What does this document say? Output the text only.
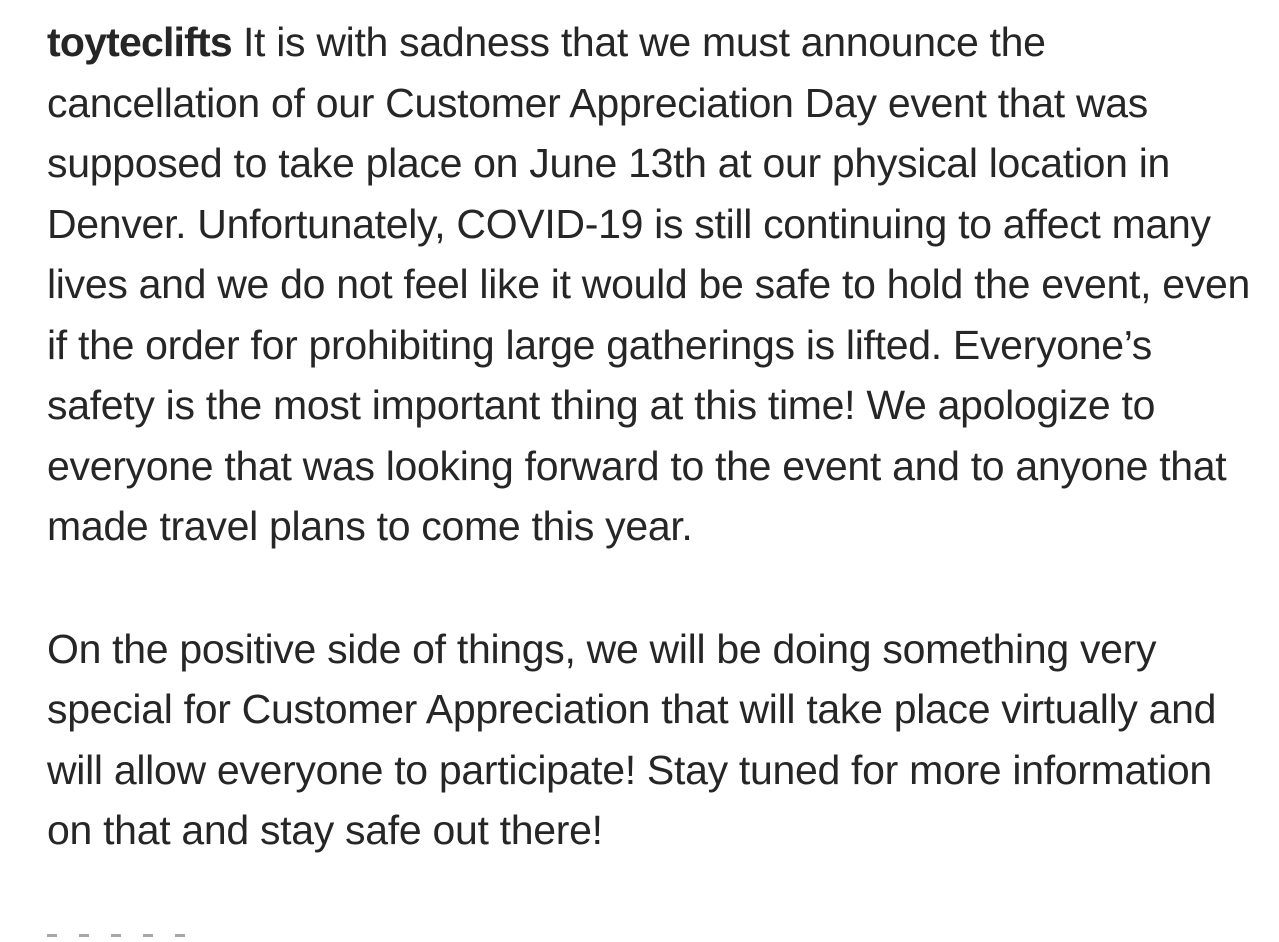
toyteclifts It is with sadness that we must announce the cancellation of our Customer Appreciation Day event that was supposed to take place on June 13th at our physical location in Denver. Unfortunately, COVID-19 is still continuing to affect many lives and we do not feel like it would be safe to hold the event, even if the order for prohibiting large gatherings is lifted. Everyone’s safety is the most important thing at this time! We apologize to everyone that was looking forward to the event and to anyone that made travel plans to come this year.

On the positive side of things, we will be doing something very special for Customer Appreciation that will take place virtually and will allow everyone to participate! Stay tuned for more information on that and stay safe out there!
